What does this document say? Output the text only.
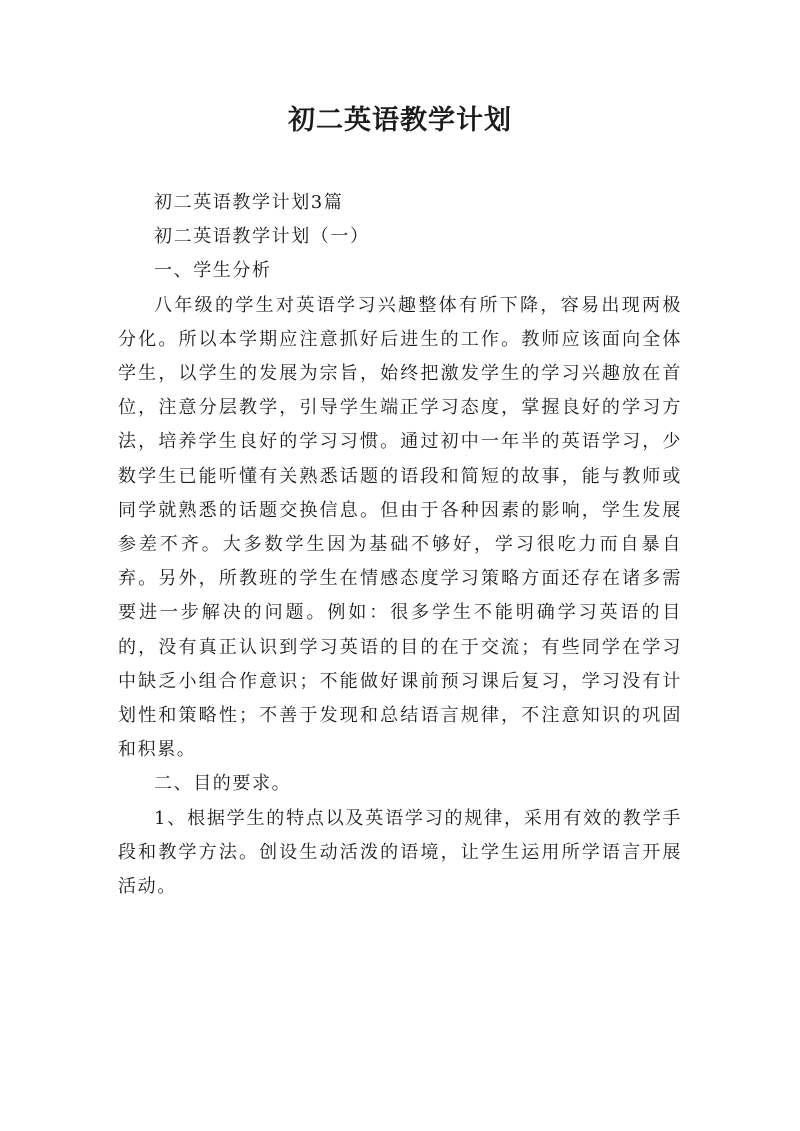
初二英语教学计划

初二英语教学计划3篇

初二英语教学计划（一）

一、学生分析

八年级的学生对英语学习兴趣整体有所下降，容易出现两极分化。所以本学期应注意抓好后进生的工作。教师应该面向全体学生，以学生的发展为宗旨，始终把激发学生的学习兴趣放在首位，注意分层教学，引导学生端正学习态度，掌握良好的学习方法，培养学生良好的学习习惯。通过初中一年半的英语学习，少数学生已能听懂有关熟悉话题的语段和简短的故事，能与教师或同学就熟悉的话题交换信息。但由于各种因素的影响，学生发展参差不齐。大多数学生因为基础不够好，学习很吃力而自暴自弃。另外，所教班的学生在情感态度学习策略方面还存在诸多需要进一步解决的问题。例如：很多学生不能明确学习英语的目的，没有真正认识到学习英语的目的在于交流；有些同学在学习中缺乏小组合作意识；不能做好课前预习课后复习，学习没有计划性和策略性；不善于发现和总结语言规律，不注意知识的巩固和积累。

二、目的要求。

1、根据学生的特点以及英语学习的规律，采用有效的教学手段和教学方法。创设生动活泼的语境，让学生运用所学语言开展活动。
